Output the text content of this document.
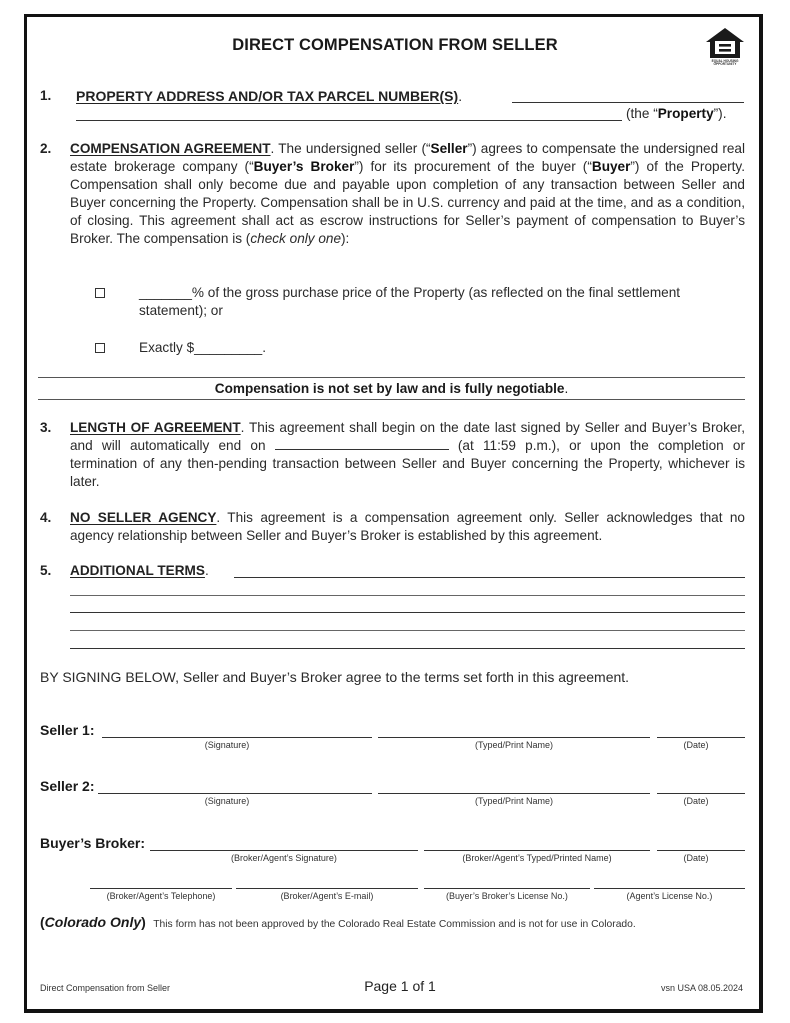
DIRECT COMPENSATION FROM SELLER
EQUAL HOUSING
OPPORTUNITY
1. PROPERTY ADDRESS AND/OR TAX PARCEL NUMBER(S).
(the “Property”).
2. COMPENSATION AGREEMENT. The undersigned seller (“Seller”) agrees to compensate the undersigned real estate brokerage company (“Buyer’s Broker”) for its procurement of the buyer (“Buyer”) of the Property. Compensation shall only become due and payable upon completion of any transaction between Seller and Buyer concerning the Property. Compensation shall be in U.S. currency and paid at the time, and as a condition, of closing. This agreement shall act as escrow instructions for Seller’s payment of compensation to Buyer’s Broker. The compensation is (check only one):
_______% of the gross purchase price of the Property (as reflected on the final settlement statement); or
Exactly $_________.
Compensation is not set by law and is fully negotiable.
3. LENGTH OF AGREEMENT. This agreement shall begin on the date last signed by Seller and Buyer’s Broker, and will automatically end on	(at 11:59 p.m.), or upon the completion or termination of any then-pending transaction between Seller and Buyer concerning the Property, whichever is later.
4. NO SELLER AGENCY. This agreement is a compensation agreement only. Seller acknowledges that no agency relationship between Seller and Buyer’s Broker is established by this agreement.
5. ADDITIONAL TERMS.
BY SIGNING BELOW, Seller and Buyer’s Broker agree to the terms set forth in this agreement.
Seller 1:
(Signature)	(Typed/Print Name)	(Date)
Seller 2:
(Signature)	(Typed/Print Name)	(Date)
Buyer’s Broker:
(Broker/Agent’s Signature)	(Broker/Agent’s Typed/Printed Name)	(Date)
(Broker/Agent’s Telephone)	(Broker/Agent’s E-mail)	(Buyer’s Broker’s License No.)	(Agent’s License No.)
(Colorado Only) This form has not been approved by the Colorado Real Estate Commission and is not for use in Colorado.
Direct Compensation from Seller	Page 1 of 1	vsn USA 08.05.2024
